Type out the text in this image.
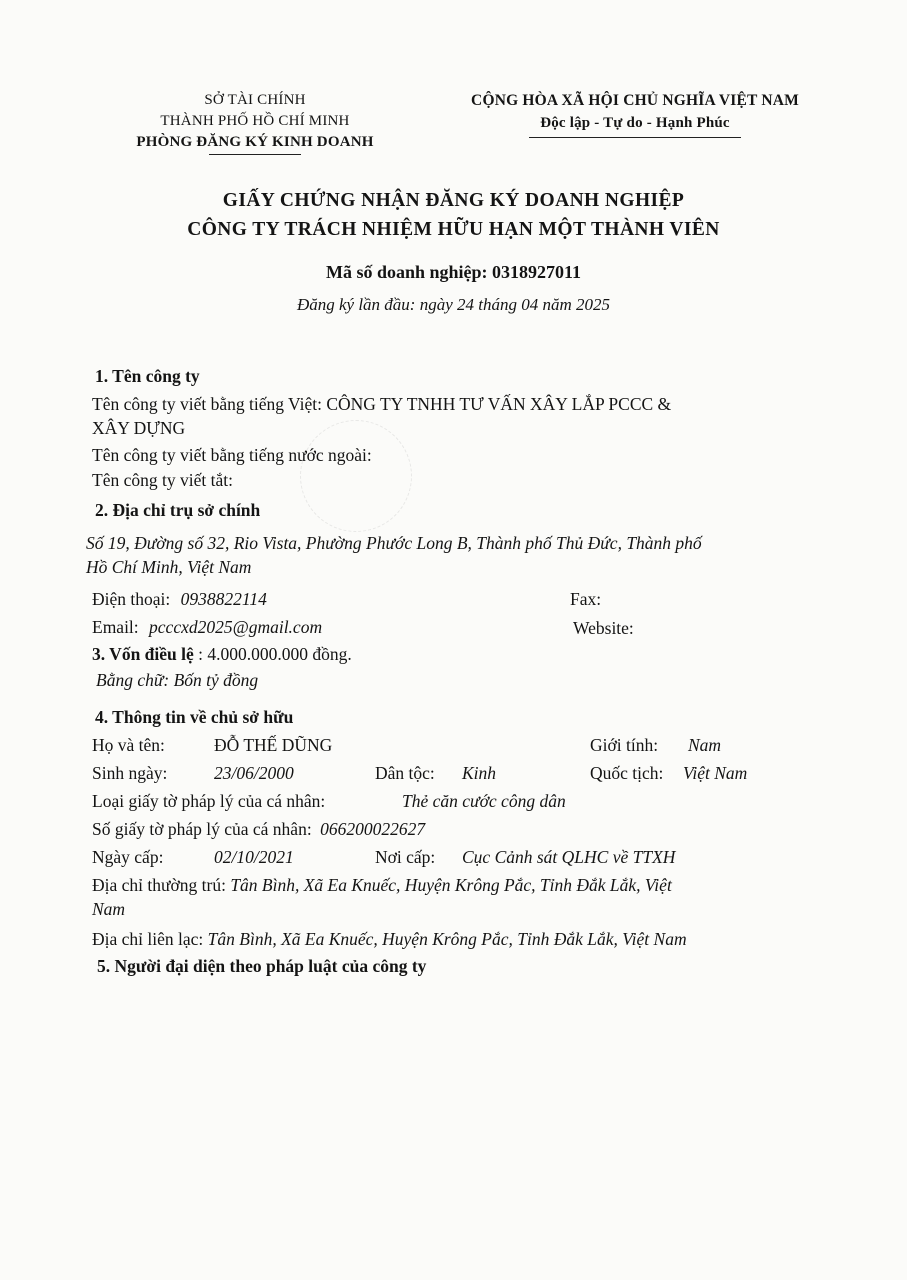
SỞ TÀI CHÍNH
THÀNH PHỐ HỒ CHÍ MINH
PHÒNG ĐĂNG KÝ KINH DOANH
CỘNG HÒA XÃ HỘI CHỦ NGHĨA VIỆT NAM
Độc lập - Tự do - Hạnh Phúc
GIẤY CHỨNG NHẬN ĐĂNG KÝ DOANH NGHIỆP
CÔNG TY TRÁCH NHIỆM HỮU HẠN MỘT THÀNH VIÊN
Mã số doanh nghiệp: 0318927011
Đăng ký lần đầu: ngày 24 tháng 04 năm 2025
1. Tên công ty
Tên công ty viết bằng tiếng Việt: CÔNG TY TNHH TƯ VẤN XÂY LẮP PCCC &
XÂY DỰNG
Tên công ty viết bằng tiếng nước ngoài:
Tên công ty viết tắt:
2. Địa chỉ trụ sở chính
Số 19, Đường số 32, Rio Vista, Phường Phước Long B, Thành phố Thủ Đức, Thành phố
Hồ Chí Minh, Việt Nam
Điện thoại: 0938822114	Fax:
Email: pcccxd2025@gmail.com	Website:
3. Vốn điều lệ : 4.000.000.000 đồng.
Bằng chữ: Bốn tỷ đồng
4. Thông tin về chủ sở hữu
Họ và tên:	ĐỖ THẾ DŨNG	Giới tính: Nam
Sinh ngày:	23/06/2000	Dân tộc: Kinh	Quốc tịch: Việt Nam
Loại giấy tờ pháp lý của cá nhân:	Thẻ căn cước công dân
Số giấy tờ pháp lý của cá nhân: 066200022627
Ngày cấp:	02/10/2021	Nơi cấp: Cục Cảnh sát QLHC về TTXH
Địa chỉ thường trú: Tân Bình, Xã Ea Knuếc, Huyện Krông Pắc, Tỉnh Đắk Lắk, Việt
Nam
Địa chỉ liên lạc: Tân Bình, Xã Ea Knuếc, Huyện Krông Pắc, Tỉnh Đắk Lắk, Việt Nam
5. Người đại diện theo pháp luật của công ty
